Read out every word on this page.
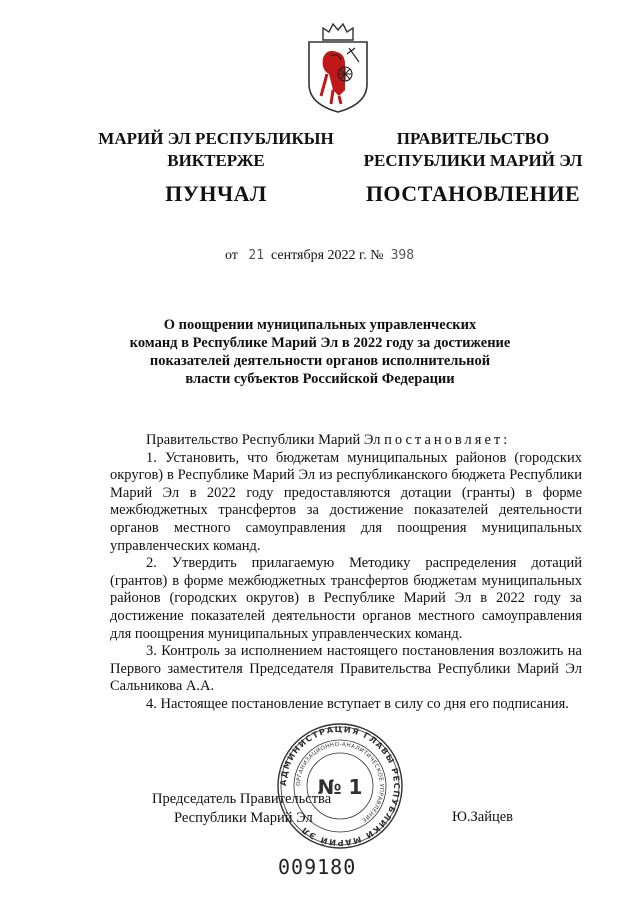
МАРИЙ ЭЛ РЕСПУБЛИКЫН
ВИКТЕРЖЕ
ПУНЧАЛ
ПРАВИТЕЛЬСТВО
РЕСПУБЛИКИ МАРИЙ ЭЛ
ПОСТАНОВЛЕНИЕ
от 21 сентября 2022 г. № 398
О поощрении муниципальных управленческих
команд в Республике Марий Эл в 2022 году за достижение
показателей деятельности органов исполнительной
власти субъектов Российской Федерации

Правительство Республики Марий Эл постановляет:

1. Установить, что бюджетам муниципальных районов (городских округов) в Республике Марий Эл из республиканского бюджета Республики Марий Эл в 2022 году предоставляются дотации (гранты) в форме межбюджетных трансфертов за достижение показателей деятельности органов местного самоуправления для поощрения муниципальных управленческих команд.

2. Утвердить прилагаемую Методику распределения дотаций (грантов) в форме межбюджетных трансфертов бюджетам муниципальных районов (городских округов) в Республике Марий Эл в 2022 году за достижение показателей деятельности органов местного самоуправления для поощрения муниципальных управленческих команд.

3. Контроль за исполнением настоящего постановления возложить на Первого заместителя Председателя Правительства Республики Марий Эл Сальникова А.А.

4. Настоящее постановление вступает в силу со дня его подписания.

Председатель Правительства
Республики Марий Эл	Ю.Зайцев
АДМИНИСТРАЦИЯ ГЛАВЫ РЕСПУБЛИКИ МАРИЙ ЭЛ
ОРГАНИЗАЦИОННО-АНАЛИТИЧЕСКОЕ УПРАВЛЕНИЕ
№ 1
009180
